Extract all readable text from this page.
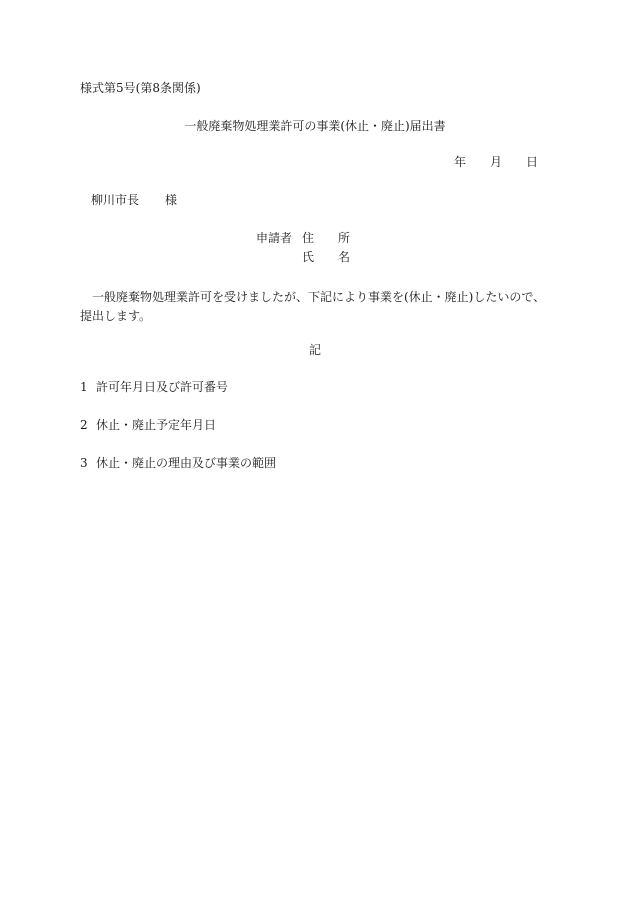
様式第5号(第8条関係)
一般廃棄物処理業許可の事業(休止・廃止)届出書
年 月 日
柳川市長 様
申請者 住 所
氏 名
一般廃棄物処理業許可を受けましたが、下記により事業を(休止・廃止)したいので、提出します。
記
1 許可年月日及び許可番号
2 休止・廃止予定年月日
3 休止・廃止の理由及び事業の範囲
